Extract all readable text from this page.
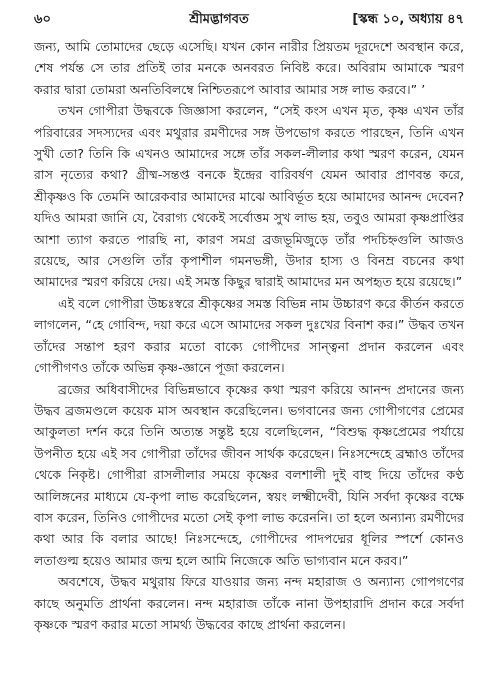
৬০	শ্রীমদ্ভাগবত	[স্কন্ধ ১০, অধ্যায় ৪৭

জন্য, আমি তোমাদের ছেড়ে এসেছি। যখন কোন নারীর প্রিয়তম দূরদেশে অবস্থান করে, শেষ পর্যন্ত সে তার প্রতিই তার মনকে অনবরত নিবিষ্ট করে। অবিরাম আমাকে স্মরণ করার দ্বারা তোমরা অনতিবিলম্বে নিশ্চিতরূপে আবার আমার সঙ্গ লাভ করবে।” ’

তখন গোপীরা উদ্ধবকে জিজ্ঞাসা করলেন, “সেই কংস এখন মৃত, কৃষ্ণ এখন তাঁর পরিবারের সদস্যদের এবং মথুরার রমণীদের সঙ্গ উপভোগ করতে পারছেন, তিনি এখন সুখী তো? তিনি কি এখনও আমাদের সঙ্গে তাঁর সকল-লীলার কথা স্মরণ করেন, যেমন রাস নৃত্যের কথা? গ্রীষ্ম-সন্তপ্ত বনকে ইন্দ্রের বারিবর্ষণ যেমন আবার প্রাণবন্ত করে, শ্রীকৃষ্ণও কি তেমনি আরেকবার আমাদের মাঝে আবির্ভূত হয়ে আমাদের আনন্দ দেবেন? যদিও আমরা জানি যে, বৈরাগ্য থেকেই সর্বোত্তম সুখ লাভ হয়, তবুও আমরা কৃষ্ণপ্রাপ্তির আশা ত্যাগ করতে পারছি না, কারণ সমগ্র ব্রজভূমিজুড়ে তাঁর পদচিহ্নগুলি আজও রয়েছে, আর সেগুলি তাঁর কৃপাশীল গমনভঙ্গী, উদার হাস্য ও বিনম্র বচনের কথা আমাদের স্মরণ করিয়ে দেয়। এই সমস্ত কিছুর দ্বারাই আমাদের মন অপহৃত হয়ে রয়েছে।”

এই বলে গোপীরা উচ্চঃস্বরে শ্রীকৃষ্ণের সমস্ত বিভিন্ন নাম উচ্চারণ করে কীর্তন করতে লাগলেন, “হে গোবিন্দ, দয়া করে এসে আমাদের সকল দুঃখের বিনাশ কর।” উদ্ধব তখন তাঁদের সন্তাপ হরণ করার মতো বাক্যে গোপীদের সান্ত্বনা প্রদান করলেন এবং গোপীগণও তাঁকে অভিন্ন কৃষ্ণ-জ্ঞানে পূজা করলেন।

ব্রজের অধিবাসীদের বিভিন্নভাবে কৃষ্ণের কথা স্মরণ করিয়ে আনন্দ প্রদানের জন্য উদ্ধব ব্রজমণ্ডলে কয়েক মাস অবস্থান করেছিলেন। ভগবানের জন্য গোপীগণের প্রেমের আকুলতা দর্শন করে তিনি অত্যন্ত সন্তুষ্ট হয়ে বলেছিলেন, “বিশুদ্ধ কৃষ্ণপ্রেমের পর্যায়ে উপনীত হয়ে এই সব গোপীরা তাঁদের জীবন সার্থক করেছেন। নিঃসন্দেহে ব্রহ্মাও তাঁদের থেকে নিকৃষ্ট। গোপীরা রাসলীলার সময়ে কৃষ্ণের বলশালী দুই বাহু দিয়ে তাঁদের কণ্ঠ আলিঙ্গনের মাধ্যমে যে-কৃপা লাভ করেছিলেন, স্বয়ং লক্ষ্মীদেবী, যিনি সর্বদা কৃষ্ণের বক্ষে বাস করেন, তিনিও গোপীদের মতো সেই কৃপা লাভ করেননি। তা হলে অন্যান্য রমণীদের কথা আর কি বলার আছে! নিঃসন্দেহে, গোপীদের পাদপদ্মের ধূলির স্পর্শে কোনও লতাগুল্ম হয়েও আমার জন্ম হলে আমি নিজেকে অতি ভাগ্যবান মনে করব।”

অবশেষে, উদ্ধব মথুরায় ফিরে যাওয়ার জন্য নন্দ মহারাজ ও অন্যান্য গোপগণের কাছে অনুমতি প্রার্থনা করলেন। নন্দ মহারাজ তাঁকে নানা উপহারাদি প্রদান করে সর্বদা কৃষ্ণকে স্মরণ করার মতো সামর্থ্য উদ্ধবের কাছে প্রার্থনা করলেন।
